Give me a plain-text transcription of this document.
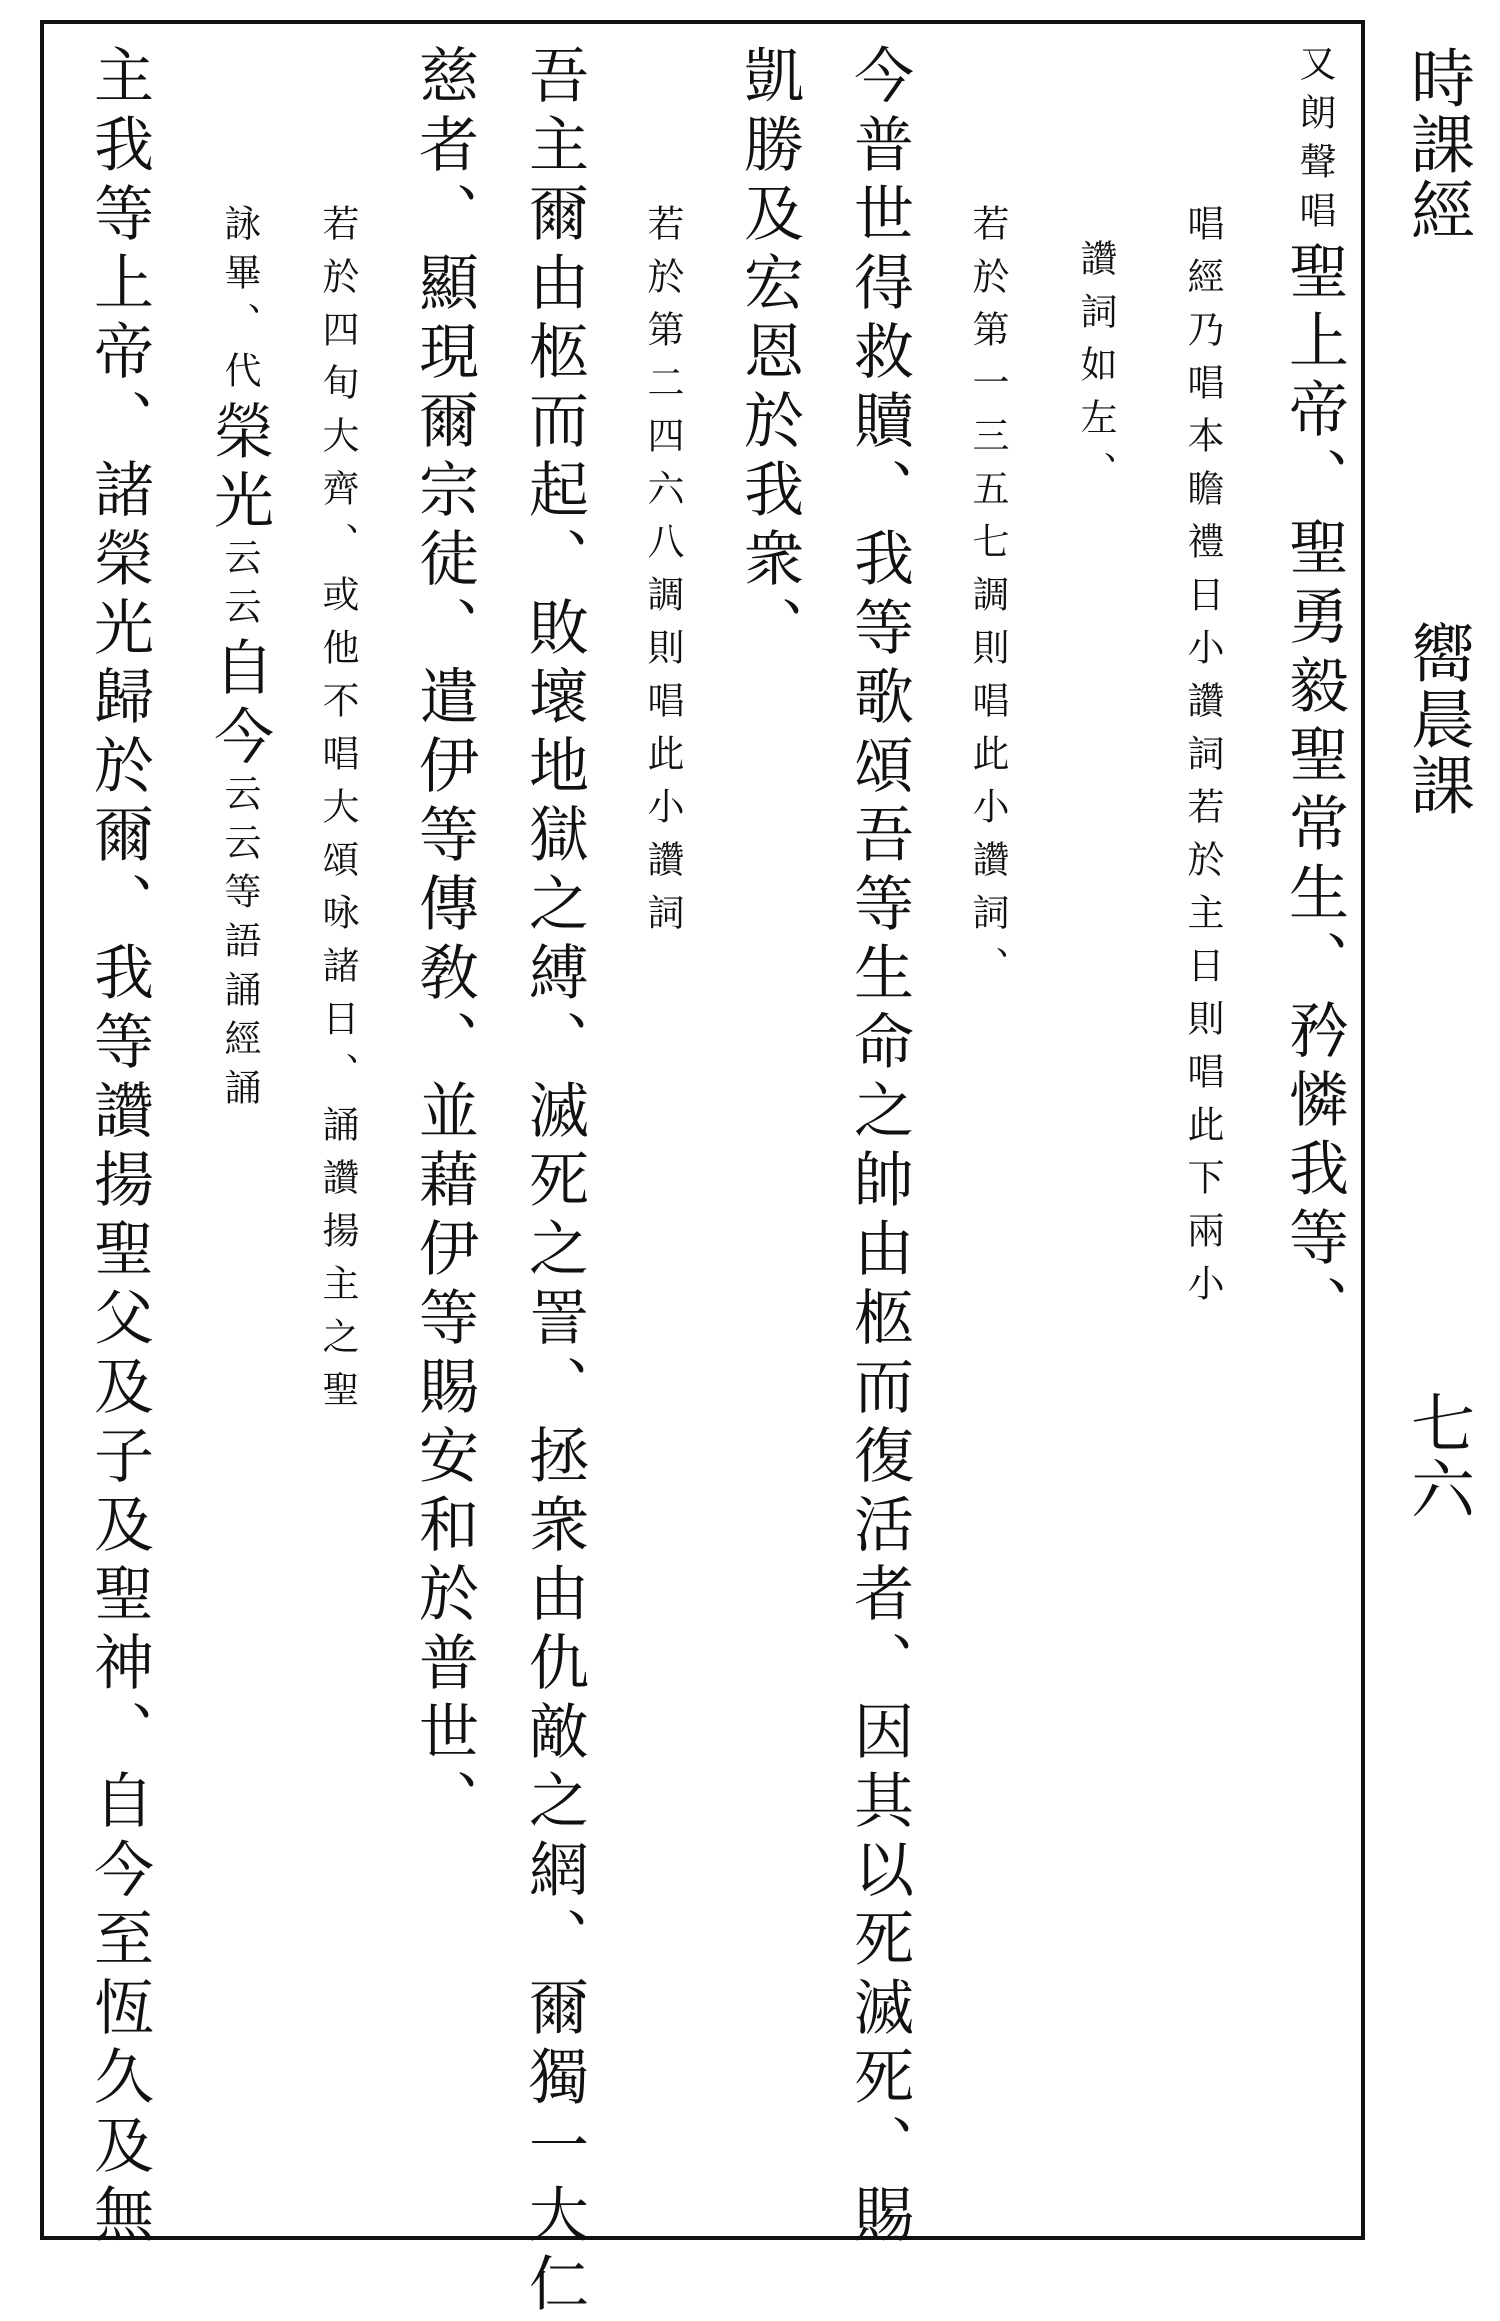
時課經
嚮晨課
七六
又朗聲唱聖上帝、聖勇毅聖常生、矜憐我等、
唱經乃唱本瞻禮日小讚詞若於主日則唱此下兩小
讚詞如左、
若於第一三五七調則唱此小讚詞、
今普世得救贖、我等歌頌吾等生命之帥由柩而復活者、因其以死滅死、賜
凱勝及宏恩於我衆、
若於第二四六八調則唱此小讚詞
吾主爾由柩而起、敗壞地獄之縛、滅死之詈、拯衆由仇敵之網、爾獨一大仁
慈者、顯現爾宗徒、遣伊等傳敎、並藉伊等賜安和於普世、
若於四旬大齊、或他不唱大頌咏諸日、誦讚揚主之聖
詠畢、代榮光云云自今云云等語誦經誦
主我等上帝、諸榮光歸於爾、我等讚揚聖父及子及聖神、自今至恆久及無
